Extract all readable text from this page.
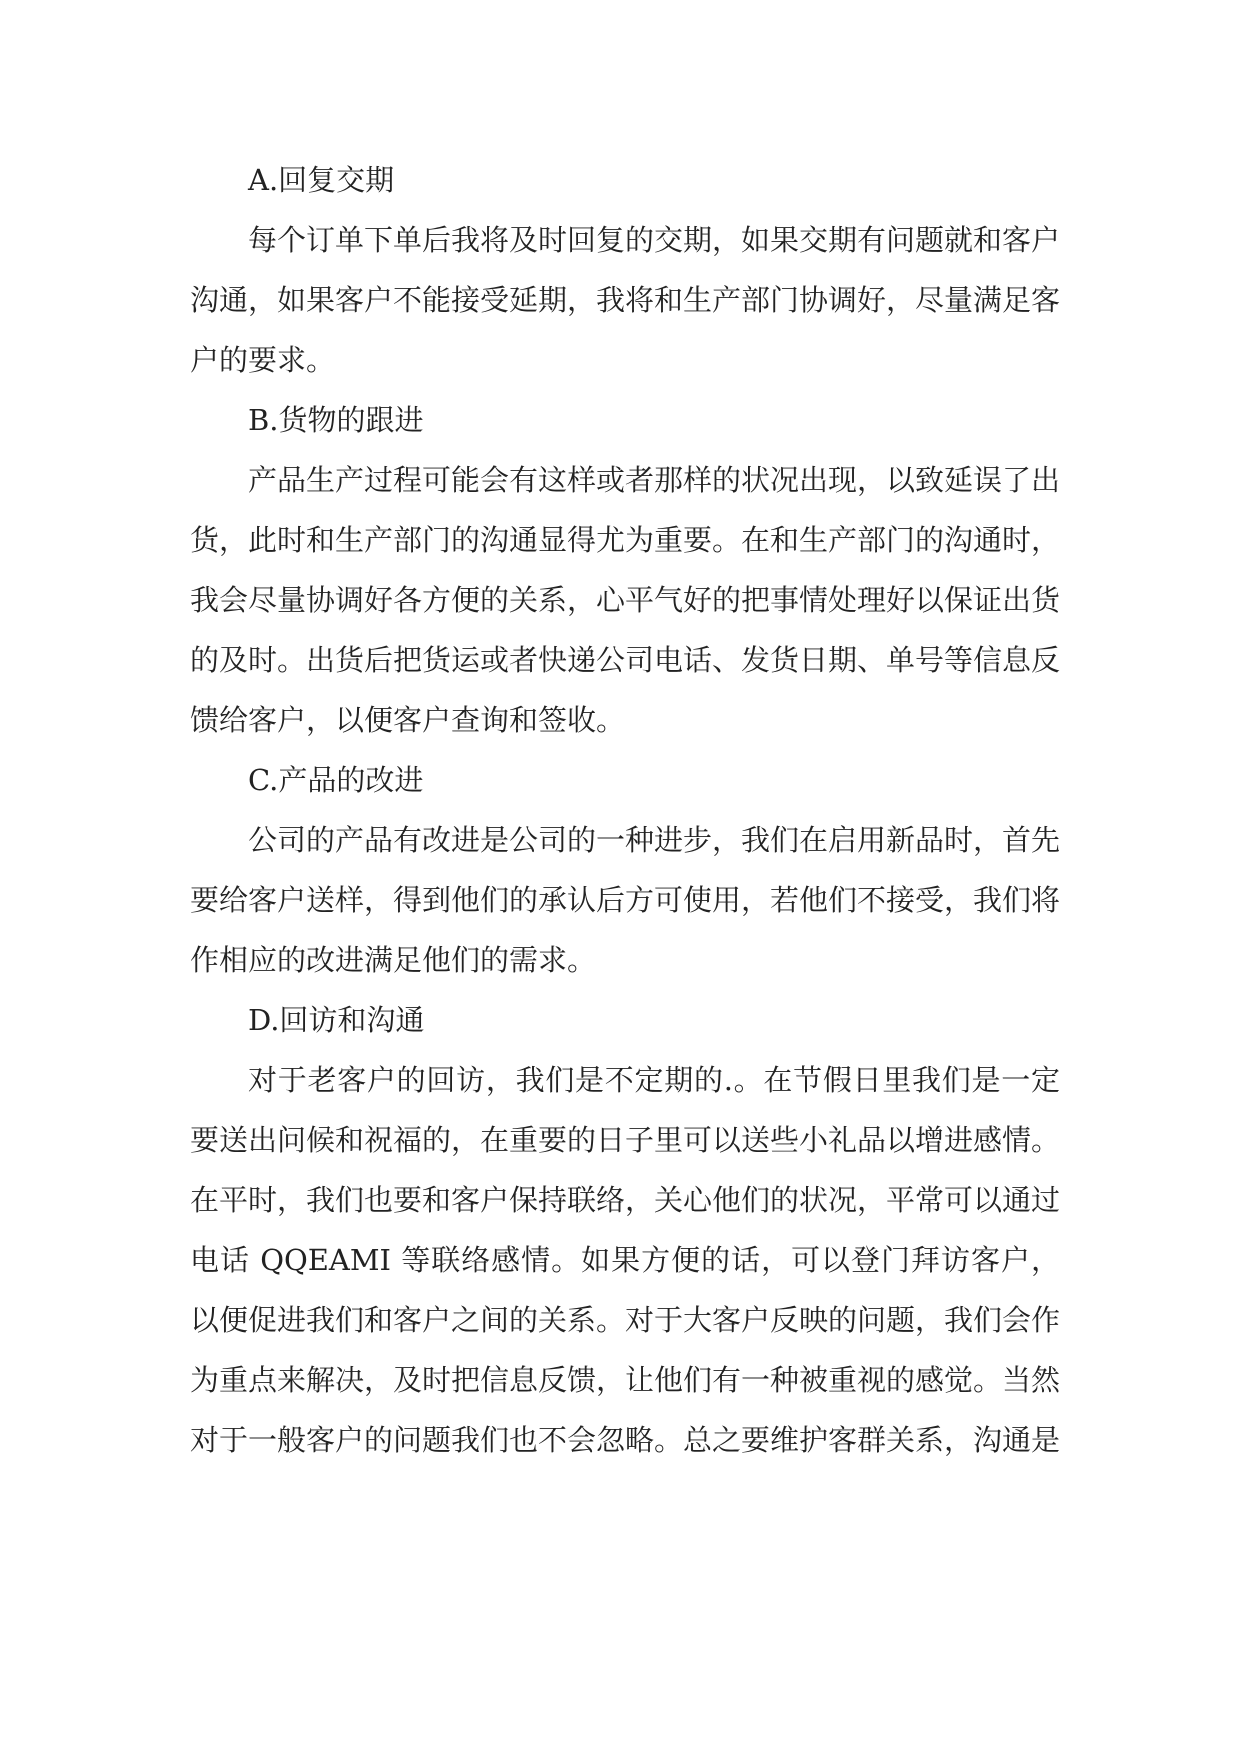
A.回复交期

每个订单下单后我将及时回复的交期，如果交期有问题就和客户沟通，如果客户不能接受延期，我将和生产部门协调好，尽量满足客户的要求。

B.货物的跟进

产品生产过程可能会有这样或者那样的状况出现，以致延误了出货，此时和生产部门的沟通显得尤为重要。在和生产部门的沟通时，我会尽量协调好各方便的关系，心平气好的把事情处理好以保证出货的及时。出货后把货运或者快递公司电话、发货日期、单号等信息反馈给客户，以便客户查询和签收。

C.产品的改进

公司的产品有改进是公司的一种进步，我们在启用新品时，首先要给客户送样，得到他们的承认后方可使用，若他们不接受，我们将作相应的改进满足他们的需求。

D.回访和沟通

对于老客户的回访，我们是不定期的.。在节假日里我们是一定要送出问候和祝福的，在重要的日子里可以送些小礼品以增进感情。在平时，我们也要和客户保持联络，关心他们的状况，平常可以通过电话 QQEAMI 等联络感情。如果方便的话，可以登门拜访客户，以便促进我们和客户之间的关系。对于大客户反映的问题，我们会作为重点来解决，及时把信息反馈，让他们有一种被重视的感觉。当然对于一般客户的问题我们也不会忽略。总之要维护客群关系，沟通是
